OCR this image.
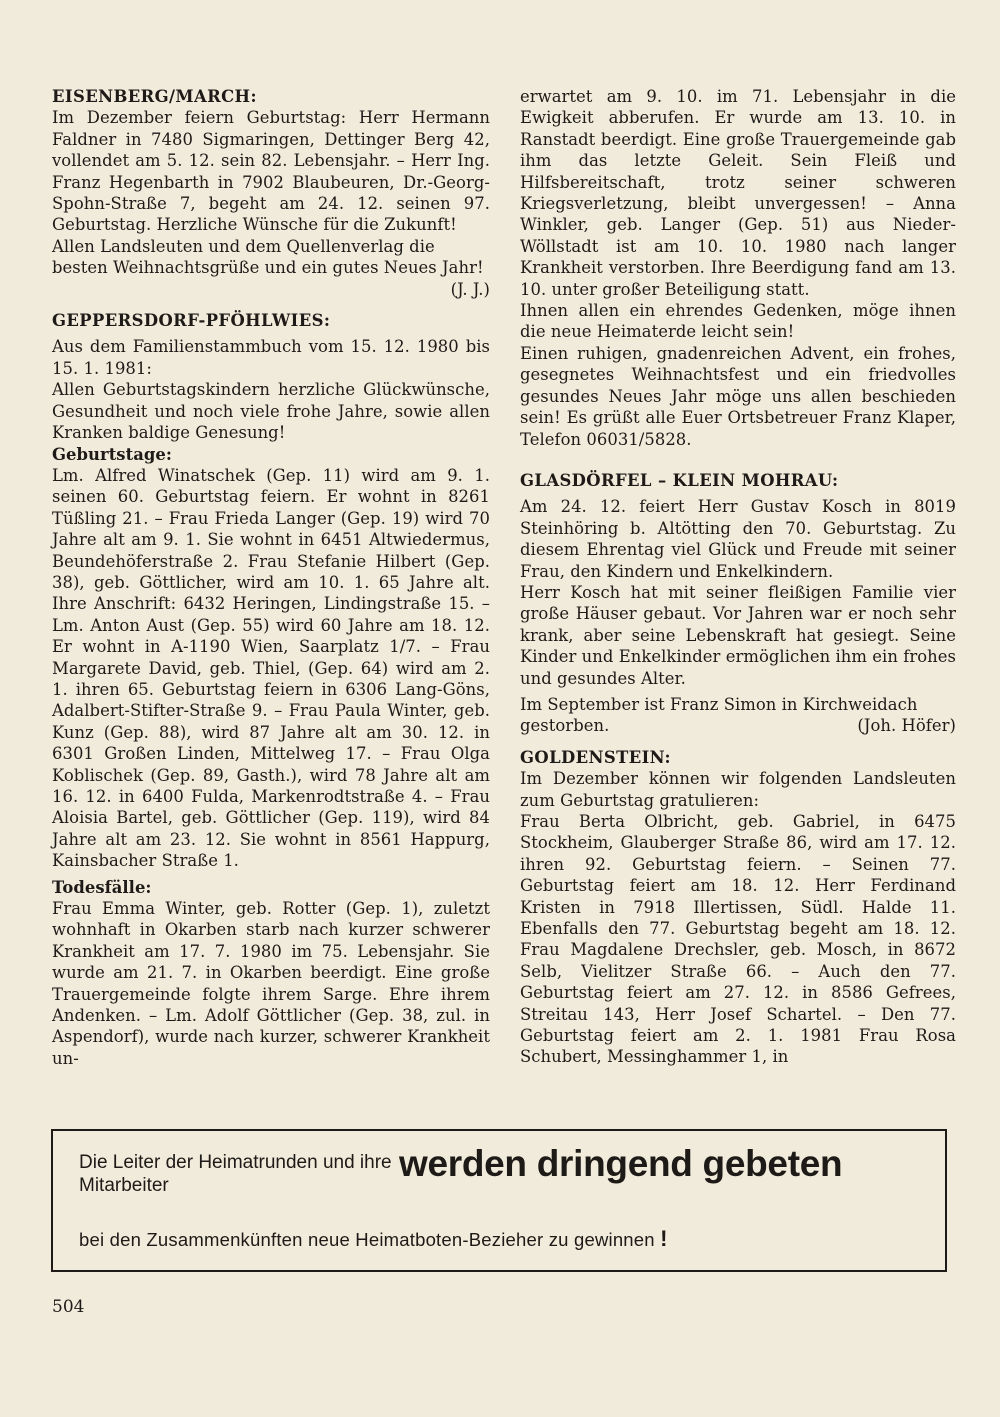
EISENBERG/MARCH:

Im Dezember feiern Geburtstag: Herr Hermann Faldner in 7480 Sigmaringen, Dettinger Berg 42, vollendet am 5. 12. sein 82. Lebensjahr. – Herr Ing. Franz Hegenbarth in 7902 Blaubeuren, Dr.-Georg-Spohn-Straße 7, begeht am 24. 12. seinen 97. Geburtstag. Herzliche Wünsche für die Zukunft!

Allen Landsleuten und dem Quellenverlag die besten Weihnachtsgrüße und ein gutes Neues Jahr!

(J. J.)
GEPPERSDORF-PFÖHLWIES:

Aus dem Familienstammbuch vom 15. 12. 1980 bis 15. 1. 1981:

Allen Geburtstagskindern herzliche Glückwünsche, Gesundheit und noch viele frohe Jahre, sowie allen Kranken baldige Genesung!

Geburtstage:

Lm. Alfred Winatschek (Gep. 11) wird am 9. 1. seinen 60. Geburtstag feiern. Er wohnt in 8261 Tüßling 21. – Frau Frieda Langer (Gep. 19) wird 70 Jahre alt am 9. 1. Sie wohnt in 6451 Altwiedermus, Beundehöferstraße 2. Frau Stefanie Hilbert (Gep. 38), geb. Göttlicher, wird am 10. 1. 65 Jahre alt. Ihre Anschrift: 6432 Heringen, Lindingstraße 15. – Lm. Anton Aust (Gep. 55) wird 60 Jahre am 18. 12. Er wohnt in A-1190 Wien, Saarplatz 1/7. – Frau Margarete David, geb. Thiel, (Gep. 64) wird am 2. 1. ihren 65. Geburtstag feiern in 6306 Lang-Göns, Adalbert-Stifter-Straße 9. – Frau Paula Winter, geb. Kunz (Gep. 88), wird 87 Jahre alt am 30. 12. in 6301 Großen Linden, Mittelweg 17. – Frau Olga Koblischek (Gep. 89, Gasth.), wird 78 Jahre alt am 16. 12. in 6400 Fulda, Markenrodtstraße 4. – Frau Aloisia Bartel, geb. Göttlicher (Gep. 119), wird 84 Jahre alt am 23. 12. Sie wohnt in 8561 Happurg, Kainsbacher Straße 1.

Todesfälle:

Frau Emma Winter, geb. Rotter (Gep. 1), zuletzt wohnhaft in Okarben starb nach kurzer schwerer Krankheit am 17. 7. 1980 im 75. Lebensjahr. Sie wurde am 21. 7. in Okarben beerdigt. Eine große Trauergemeinde folgte ihrem Sarge. Ehre ihrem Andenken. – Lm. Adolf Göttlicher (Gep. 38, zul. in Aspendorf), wurde nach kurzer, schwerer Krankheit un-

erwartet am 9. 10. im 71. Lebensjahr in die Ewigkeit abberufen. Er wurde am 13. 10. in Ranstadt beerdigt. Eine große Trauergemeinde gab ihm das letzte Geleit. Sein Fleiß und Hilfsbereitschaft, trotz seiner schweren Kriegsverletzung, bleibt unvergessen! – Anna Winkler, geb. Langer (Gep. 51) aus Nieder-Wöllstadt ist am 10. 10. 1980 nach langer Krankheit verstorben. Ihre Beerdigung fand am 13. 10. unter großer Beteiligung statt.

Ihnen allen ein ehrendes Gedenken, möge ihnen die neue Heimaterde leicht sein!

Einen ruhigen, gnadenreichen Advent, ein frohes, gesegnetes Weihnachtsfest und ein friedvolles gesundes Neues Jahr möge uns allen beschieden sein! Es grüßt alle Euer Ortsbetreuer Franz Klaper, Telefon 06031/5828.

GLASDÖRFEL – KLEIN MOHRAU:

Am 24. 12. feiert Herr Gustav Kosch in 8019 Steinhöring b. Altötting den 70. Geburtstag. Zu diesem Ehrentag viel Glück und Freude mit seiner Frau, den Kindern und Enkelkindern.

Herr Kosch hat mit seiner fleißigen Familie vier große Häuser gebaut. Vor Jahren war er noch sehr krank, aber seine Lebenskraft hat gesiegt. Seine Kinder und Enkelkinder ermöglichen ihm ein frohes und gesundes Alter.

Im September ist Franz Simon in Kirchweidach gestorben.	(Joh. Höfer)
GOLDENSTEIN:

Im Dezember können wir folgenden Landsleuten zum Geburtstag gratulieren:

Frau Berta Olbricht, geb. Gabriel, in 6475 Stockheim, Glauberger Straße 86, wird am 17. 12. ihren 92. Geburtstag feiern. – Seinen 77. Geburtstag feiert am 18. 12. Herr Ferdinand Kristen in 7918 Illertissen, Südl. Halde 11. Ebenfalls den 77. Geburtstag begeht am 18. 12. Frau Magdalene Drechsler, geb. Mosch, in 8672 Selb, Vielitzer Straße 66. – Auch den 77. Geburtstag feiert am 27. 12. in 8586 Gefrees, Streitau 143, Herr Josef Schartel. – Den 77. Geburtstag feiert am 2. 1. 1981 Frau Rosa Schubert, Messinghammer 1, in

Die Leiter der Heimatrunden und ihre Mitarbeiter
werden dringend gebeten
bei den Zusammenkünften neue Heimatboten-Bezieher zu gewinnen !
504
